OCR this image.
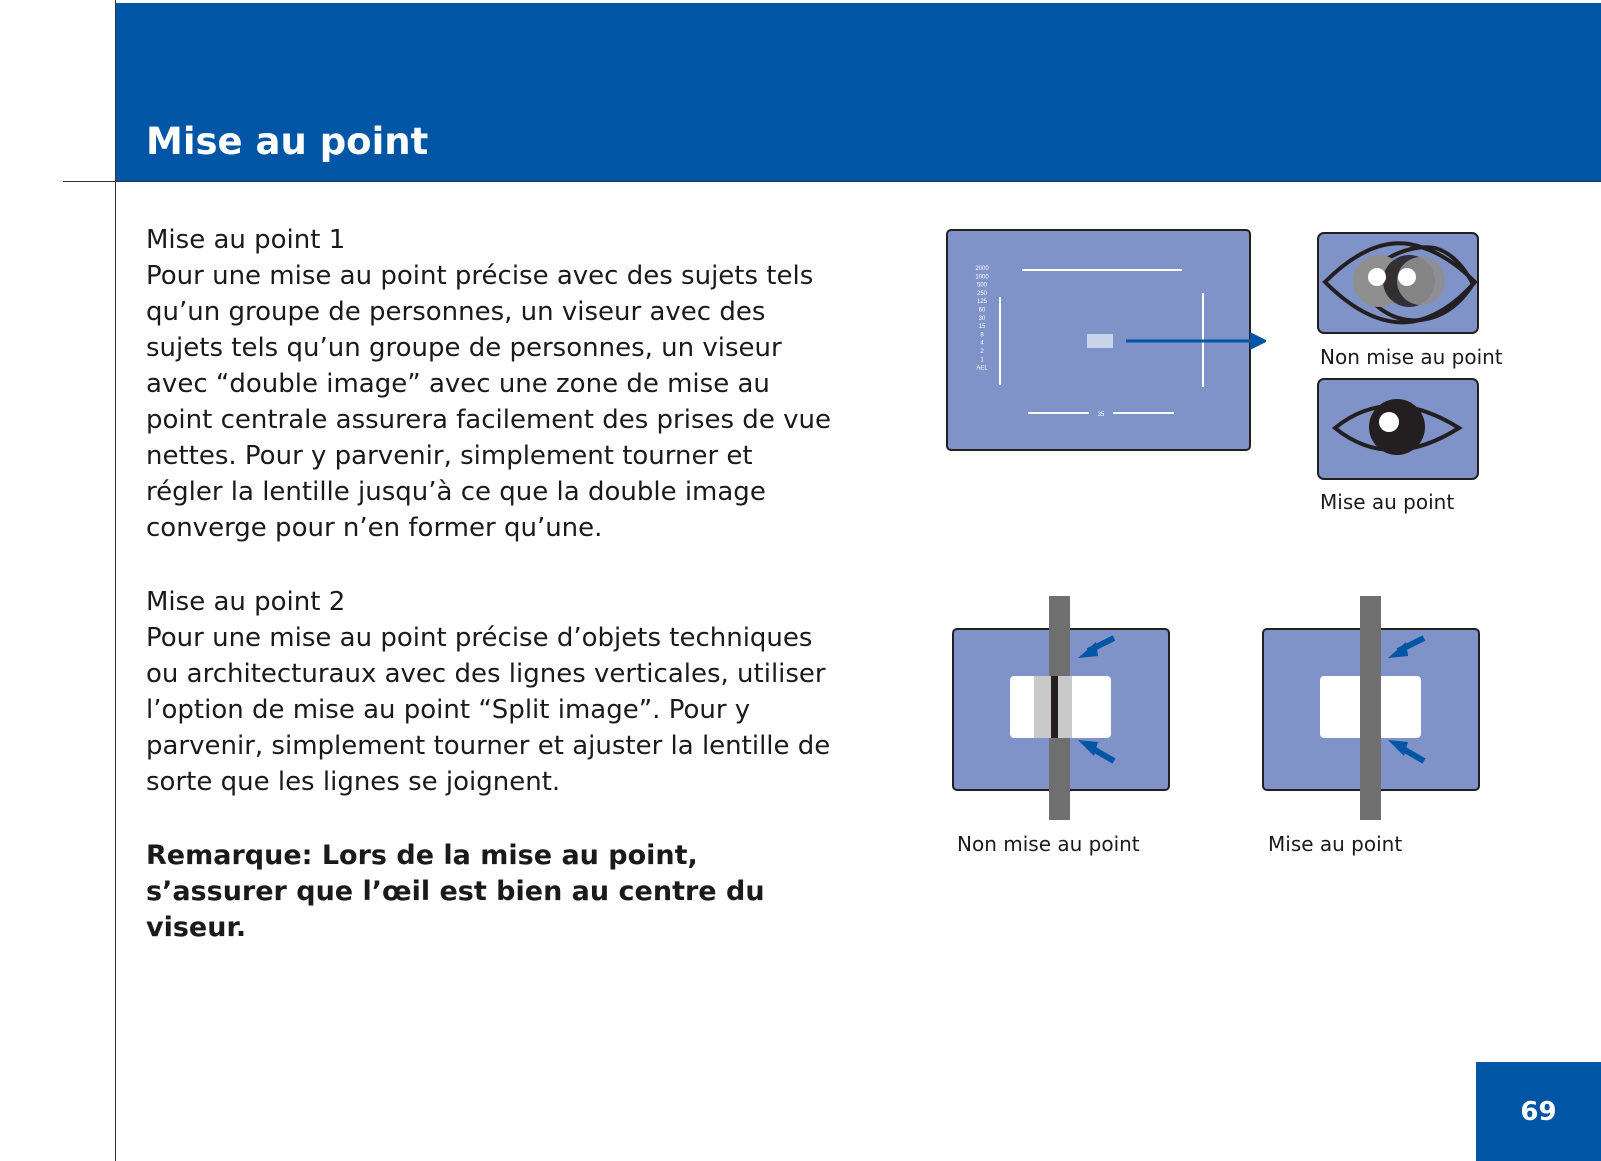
Mise au point
Mise au point 1

Pour une mise au point précise avec des sujets tels qu’un groupe de personnes, un viseur avec des sujets tels qu’un groupe de personnes, un viseur avec “double image” avec une zone de mise au point centrale assurera facilement des prises de vue nettes. Pour y parvenir, simplement tourner et régler la lentille jusqu’à ce que la double image converge pour n’en former qu’une.

Mise au point 2

Pour une mise au point précise d’objets techniques ou architecturaux avec des lignes verticales, utiliser l’option de mise au point “Split image”. Pour y parvenir, simplement tourner et ajuster la lentille de sorte que les lignes se joignent.

Remarque: Lors de la mise au point, s’assurer que l’œil est bien au centre du viseur.
35
2000
1000
500
250
125
60
30
15
8
4
2
1
AEL	Non mise au point
Mise au point
Non mise au point	Mise au point
69
